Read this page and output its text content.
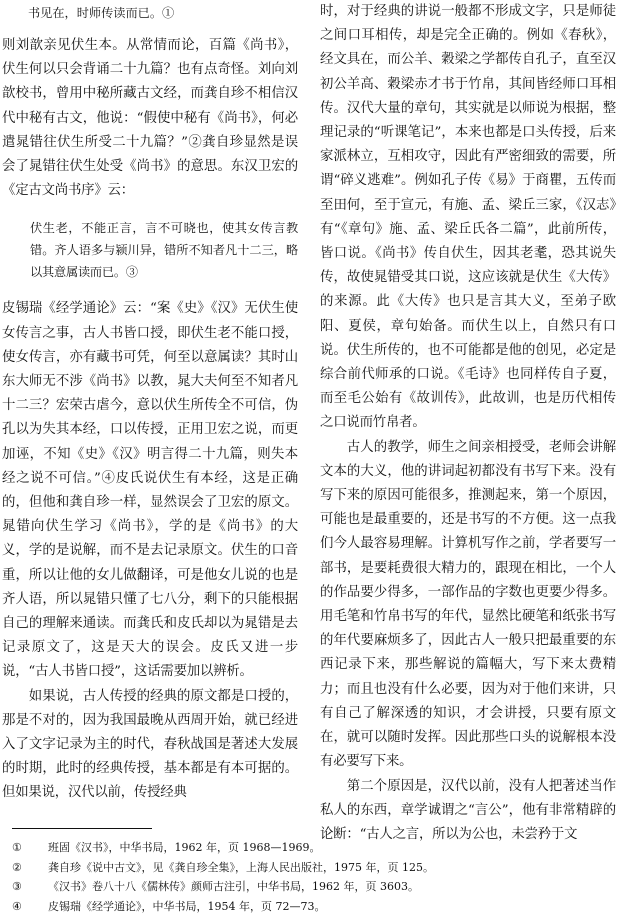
书见在，时师传读而已。①

则刘歆亲见伏生本。从常情而论，百篇《尚书》，伏生何以只会背诵二十九篇？也有点奇怪。刘向刘歆校书，曾用中秘所藏古文经，而龚自珍不相信汉代中秘有古文，他说：“假使中秘有《尚书》，何必遣晁错往伏生所受二十九篇？”②龚自珍显然是误会了晁错往伏生处受《尚书》的意思。东汉卫宏的《定古文尚书序》云：

伏生老，不能正言，言不可晓也，使其女传言教错。齐人语多与颍川异，错所不知者凡十二三，略以其意属读而已。③

皮锡瑞《经学通论》云：“案《史》《汉》无伏生使女传言之事，古人书皆口授，即伏生老不能口授，使女传言，亦有藏书可凭，何至以意属读？其时山东大师无不涉《尚书》以教，晁大夫何至不知者凡十二三？宏荣古虐今，意以伏生所传全不可信，伪孔以为失其本经，口以传授，正用卫宏之说，而更加诬，不知《史》《汉》明言得二十九篇，则失本经之说不可信。”④皮氏说伏生有本经，这是正确的，但他和龚自珍一样，显然误会了卫宏的原文。晁错向伏生学习《尚书》，学的是《尚书》的大义，学的是说解，而不是去记录原文。伏生的口音重，所以让他的女儿做翻译，可是他女儿说的也是齐人语，所以晁错只懂了七八分，剩下的只能根据自己的理解来通读。而龚氏和皮氏却以为晁错是去记录原文了，这是天大的误会。皮氏又进一步说，“古人书皆口授”，这话需要加以辨析。

如果说，古人传授的经典的原文都是口授的，那是不对的，因为我国最晚从西周开始，就已经进入了文字记录为主的时代，春秋战国是著述大发展的时期，此时的经典传授，基本都是有本可据的。但如果说，汉代以前，传授经典

时，对于经典的讲说一般都不形成文字，只是师徒之间口耳相传，却是完全正确的。例如《春秋》，经文具在，而公羊、穀梁之学都传自孔子，直至汉初公羊高、穀梁赤才书于竹帛，其间皆经师口耳相传。汉代大量的章句，其实就是以师说为根据，整理记录的“听课笔记”，本来也都是口头传授，后来家派林立，互相攻守，因此有严密细致的需要，所谓“碎义逃难”。例如孔子传《易》于商瞿，五传而至田何，至于宣元，有施、孟、梁丘三家，《汉志》有“《章句》施、孟、梁丘氏各二篇”，此前所传，皆口说。《尚书》传自伏生，因其老耄，恐其说失传，故使晁错受其口说，这应该就是伏生《大传》的来源。此《大传》也只是言其大义，至弟子欧阳、夏侯，章句始备。而伏生以上，自然只有口说。伏生所传的，也不可能都是他的创见，必定是综合前代师承的口说。《毛诗》也同样传自子夏，而至毛公始有《故训传》，此故训，也是历代相传之口说而竹帛者。

古人的教学，师生之间亲相授受，老师会讲解文本的大义，他的讲词起初都没有书写下来。没有写下来的原因可能很多，推测起来，第一个原因，可能也是最重要的，还是书写的不方便。这一点我们今人最容易理解。计算机写作之前，学者要写一部书，是要耗费很大精力的，跟现在相比，一个人的作品要少得多，一部作品的字数也更要少得多。用毛笔和竹帛书写的年代，显然比硬笔和纸张书写的年代要麻烦多了，因此古人一般只把最重要的东西记录下来，那些解说的篇幅大，写下来太费精力；而且也没有什么必要，因为对于他们来讲，只有自己了解深透的知识，才会讲授，只要有原文在，就可以随时发挥。因此那些口头的说解根本没有必要写下来。

第二个原因是，汉代以前，没有人把著述当作私人的东西，章学诚谓之“言公”，他有非常精辟的论断：“古人之言，所以为公也，未尝矜于文

①	班固《汉书》，中华书局，1962 年，页 1968—1969。
②	龚自珍《说中古文》，见《龚自珍全集》，上海人民出版社，1975 年，页 125。
③	《汉书》卷八十八《儒林传》颜师古注引，中华书局，1962 年，页 3603。
④	皮锡瑞《经学通论》，中华书局，1954 年，页 72—73。
